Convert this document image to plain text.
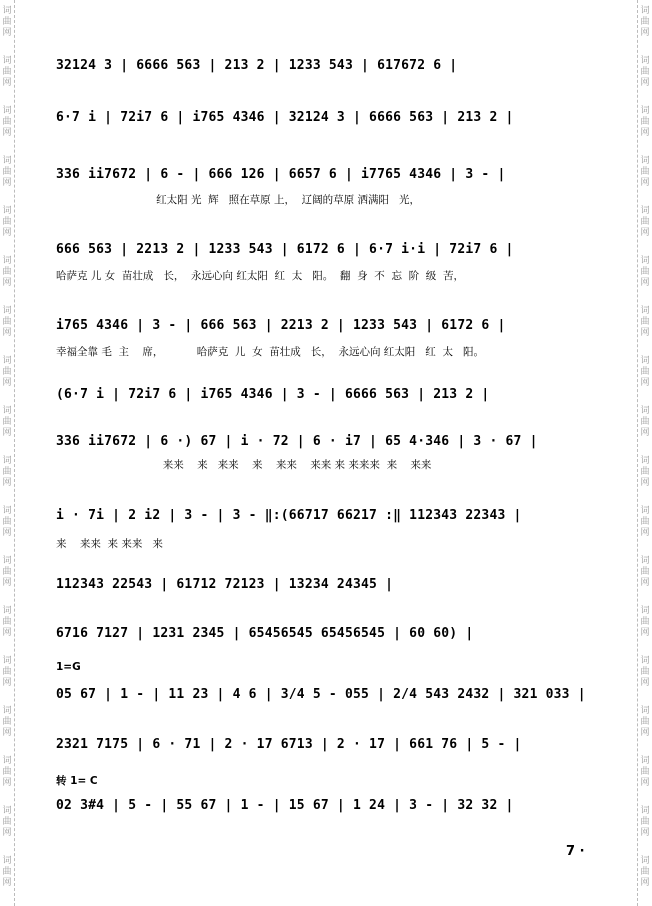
词
曲
网
词
曲
网
词
曲
网
词
曲
网
词
曲
网
词
曲
网
词
曲
网
词
曲
网
词
曲
网
词
曲
网
词
曲
网
词
曲
网
词
曲
网
词
曲
网
词
曲
网
词
曲
网
词
曲
网
词
曲
网
词
曲
网
词
曲
网
词
曲
网
词
曲
网
词
曲
网
词
曲
网
词
曲
网
词
曲
网
词
曲
网
词
曲
网
词
曲
网
词
曲
网
词
曲
网
词
曲
网
词
曲
网
词
曲
网
词
曲
网
词
曲
网
32124 3 | 6666 563 | 213 2 | 1233 543 | 617672 6 |
6·7 i | 72i7 6 | i765 4346 | 32124 3 | 6666 563 | 213 2 |
336 ii7672 | 6 - | 666 126 | 6657 6 | i7765 4346 | 3 - |
红太阳 光  辉   照在草原 上，  辽阔的草原 洒满阳   光，
666 563 | 2213 2 | 1233 543 | 6172 6 | 6·7 i·i | 72i7 6 |
哈萨克 儿 女  苗壮成   长，  永远心向 红太阳  红  太   阳。  翻  身  不  忘  阶  级  苦，
i765 4346 | 3 - | 666 563 | 2213 2 | 1233 543 | 6172 6 |
幸福全靠 毛  主    席，          哈萨克  儿  女  苗壮成   长，  永远心向 红太阳   红  太   阳。
(6·7 i | 72i7 6 | i765 4346 | 3 - | 6666 563 | 213 2 |
336 ii7672 | 6 ·) 67 | i · 72 | 6 · i7 | 65 4·346 | 3 · 67 |
来来    来   来来    来    来来    来来 来 来来来  来    来来
i · 7i | 2 i2 | 3 - | 3 - ‖:(66717 66217 :‖ 112343 22343 |
来    来来  来 来来   来
112343 22543 | 61712 72123 | 13234 24345 |
6716 7127 | 1231 2345 | 65456545 65456545 | 60 60) |
1=G
05 67 | 1 - | 11 23 | 4 6 | 3/4 5 - 055 | 2/4 543 2432 | 321 033 |
2321 7175 | 6 · 71 | 2 · 17 6713 | 2 · 17 | 661 76 | 5 - |
转 1= C
02 3#4 | 5 - | 55 67 | 1 - | 15 67 | 1 24 | 3 - | 32 32 |
7 ·
